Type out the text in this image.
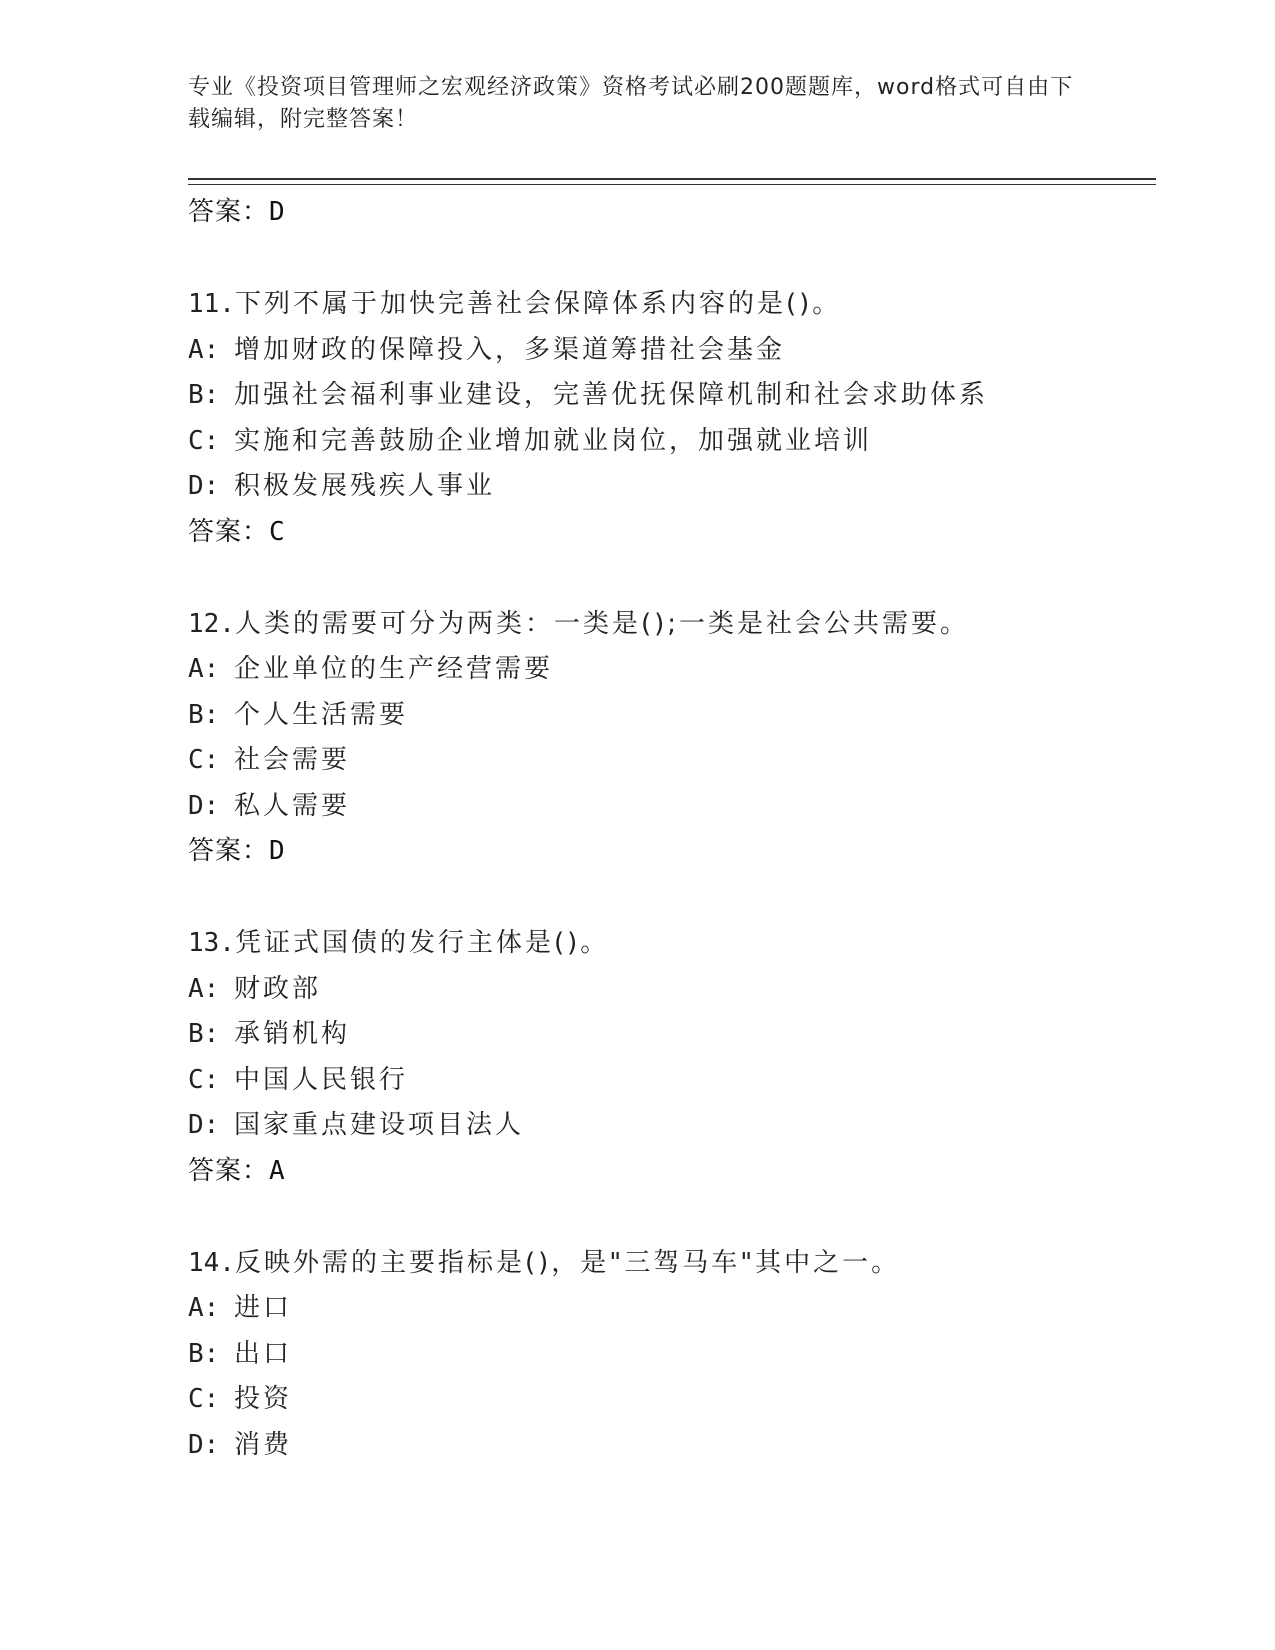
专业《投资项目管理师之宏观经济政策》资格考试必刷200题题库，word格式可自由下载编辑，附完整答案！
答案：D
11.下列不属于加快完善社会保障体系内容的是()。
A: 增加财政的保障投入，多渠道筹措社会基金
B: 加强社会福利事业建设，完善优抚保障机制和社会求助体系
C: 实施和完善鼓励企业增加就业岗位，加强就业培训
D: 积极发展残疾人事业
答案：C
12.人类的需要可分为两类：一类是();一类是社会公共需要。
A: 企业单位的生产经营需要
B: 个人生活需要
C: 社会需要
D: 私人需要
答案：D
13.凭证式国债的发行主体是()。
A: 财政部
B: 承销机构
C: 中国人民银行
D: 国家重点建设项目法人
答案：A
14.反映外需的主要指标是()，是"三驾马车"其中之一。
A: 进口
B: 出口
C: 投资
D: 消费
